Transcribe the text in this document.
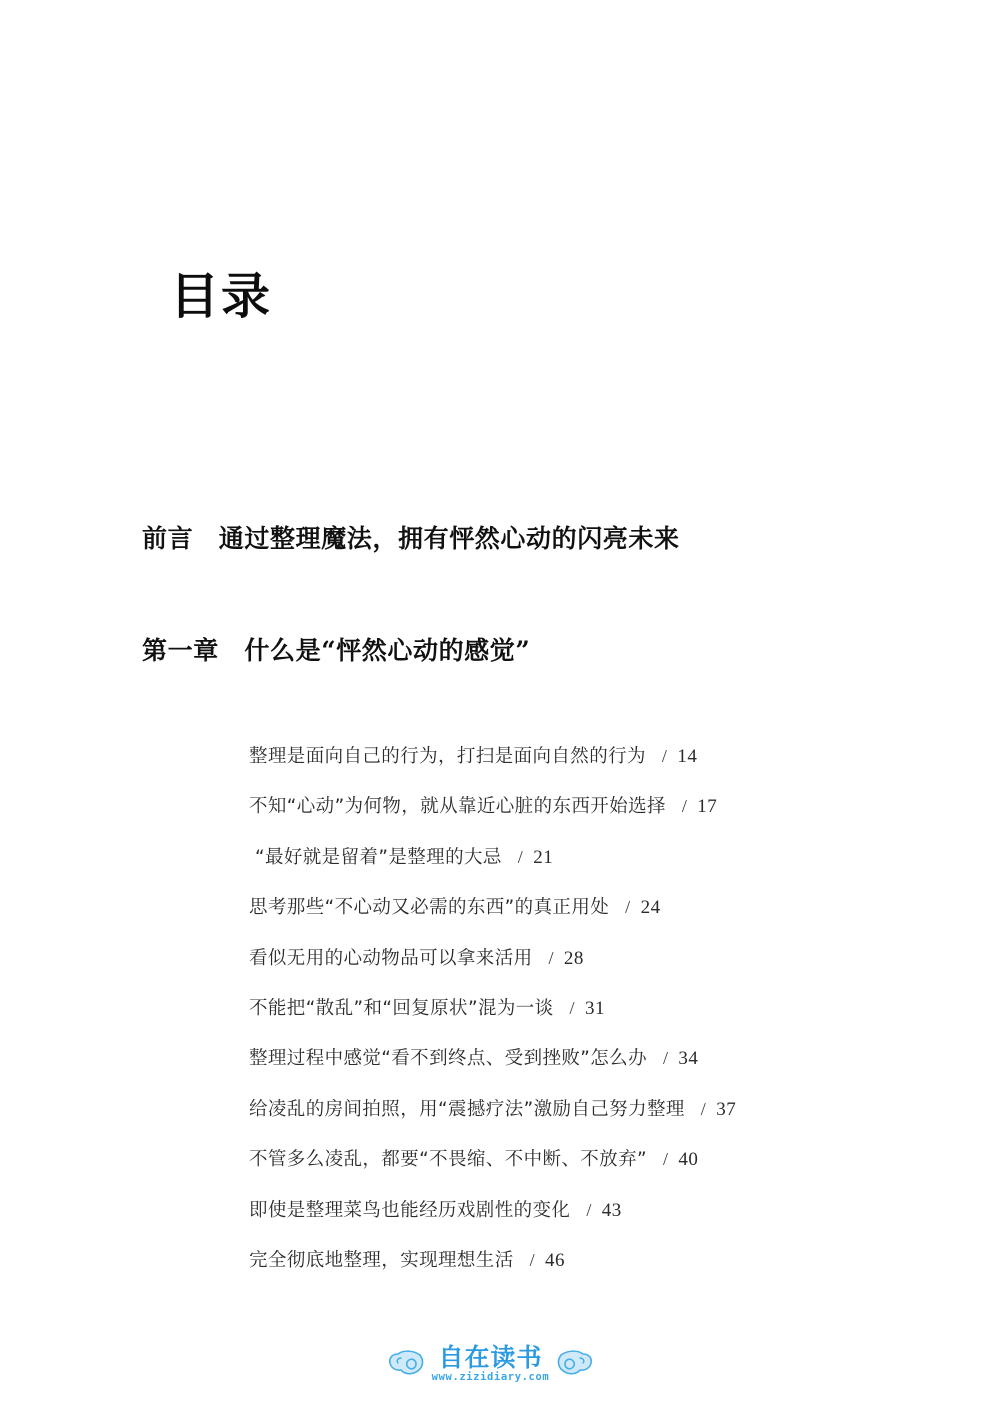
目录
前言　通过整理魔法，拥有怦然心动的闪亮未来
第一章　什么是“怦然心动的感觉”
整理是面向自己的行为，打扫是面向自然的行为 / 14
不知“心动”为何物，就从靠近心脏的东西开始选择 / 17
“最好就是留着”是整理的大忌 / 21
思考那些“不心动又必需的东西”的真正用处 / 24
看似无用的心动物品可以拿来活用 / 28
不能把“散乱”和“回复原状”混为一谈 / 31
整理过程中感觉“看不到终点、受到挫败”怎么办 / 34
给凌乱的房间拍照，用“震撼疗法”激励自己努力整理 / 37
不管多么凌乱，都要“不畏缩、不中断、不放弃” / 40
即使是整理菜鸟也能经历戏剧性的变化 / 43
完全彻底地整理，实现理想生活 / 46
自在读书
www.zizidiary.com
